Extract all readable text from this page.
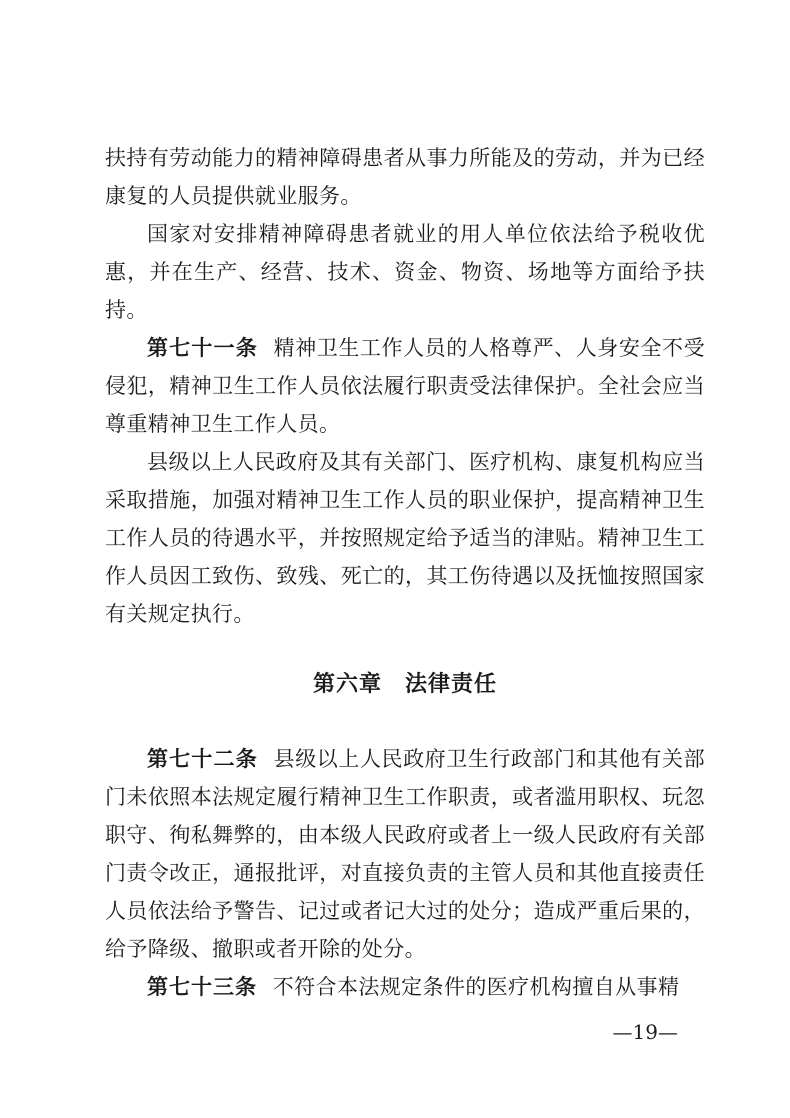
扶持有劳动能力的精神障碍患者从事力所能及的劳动，并为已经康复的人员提供就业服务。

国家对安排精神障碍患者就业的用人单位依法给予税收优惠，并在生产、经营、技术、资金、物资、场地等方面给予扶持。

第七十一条 精神卫生工作人员的人格尊严、人身安全不受侵犯，精神卫生工作人员依法履行职责受法律保护。全社会应当尊重精神卫生工作人员。

县级以上人民政府及其有关部门、医疗机构、康复机构应当采取措施，加强对精神卫生工作人员的职业保护，提高精神卫生工作人员的待遇水平，并按照规定给予适当的津贴。精神卫生工作人员因工致伤、致残、死亡的，其工伤待遇以及抚恤按照国家有关规定执行。

第六章　法律责任

第七十二条 县级以上人民政府卫生行政部门和其他有关部门未依照本法规定履行精神卫生工作职责，或者滥用职权、玩忽职守、徇私舞弊的，由本级人民政府或者上一级人民政府有关部门责令改正，通报批评，对直接负责的主管人员和其他直接责任人员依法给予警告、记过或者记大过的处分；造成严重后果的，给予降级、撤职或者开除的处分。

第七十三条 不符合本法规定条件的医疗机构擅自从事精

—19—
